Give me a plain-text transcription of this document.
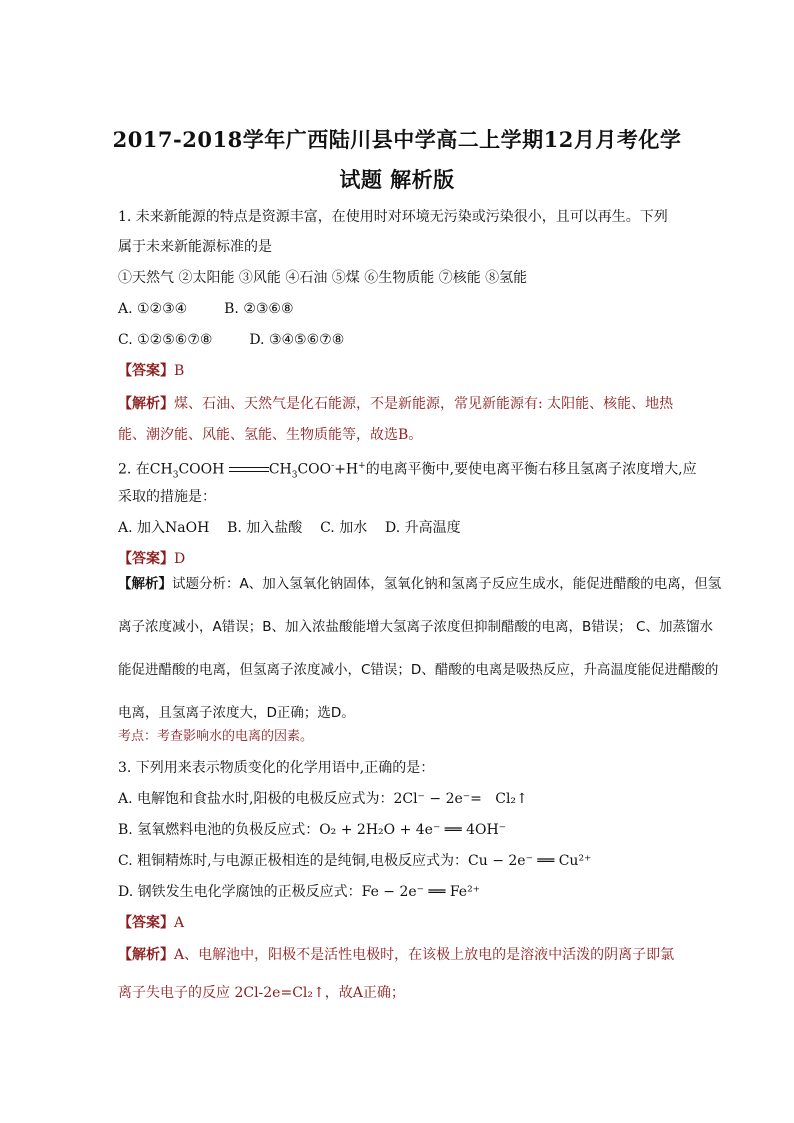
2017-2018学年广西陆川县中学高二上学期12月月考化学
试题 解析版
1. 未来新能源的特点是资源丰富，在使用时对环境无污染或污染很小，且可以再生。下列
属于未来新能源标准的是
①天然气 ②太阳能 ③风能 ④石油 ⑤煤 ⑥生物质能 ⑦核能 ⑧氢能
A. ①②③④	B. ②③⑥⑧
C. ①②⑤⑥⑦⑧	D. ③④⑤⑥⑦⑧
【答案】B
【解析】煤、石油、天然气是化石能源，不是新能源，常见新能源有: 太阳能、核能、地热
能、潮汐能、风能、氢能、生物质能等，故选B。
2. 在$CH_3COOH$	$CH_3COO^-+H^+$的电离平衡中,要使电离平衡右移且氢离子浓度增大,应
采取的措施是：
A. 加入NaOH    B. 加入盐酸    C. 加水    D. 升高温度
【答案】D
【解析】试题分析：A、加入氢氧化钠固体，氢氧化钠和氢离子反应生成水，能促进醋酸的电离，但氢
离子浓度减小，A错误；B、加入浓盐酸能增大氢离子浓度但抑制醋酸的电离，B错误； C、加蒸馏水
能促进醋酸的电离，但氢离子浓度减小，C错误；D、醋酸的电离是吸热反应，升高温度能促进醋酸的
电离，且氢离子浓度大，D正确；选D。
考点：考查影响水的电离的因素。
3. 下列用来表示物质变化的化学用语中,正确的是：
A. 电解饱和食盐水时,阳极的电极反应式为：2Cl⁻ − 2e⁻=   Cl₂↑
B. 氢氧燃料电池的负极反应式：O₂ + 2H₂O + 4e⁻ ══ 4OH⁻
C. 粗铜精炼时,与电源正极相连的是纯铜,电极反应式为：Cu − 2e⁻ ══ Cu²⁺
D. 钢铁发生电化学腐蚀的正极反应式：Fe − 2e⁻ ══ Fe²⁺
【答案】A
【解析】A、电解池中，阳极不是活性电极时，在该极上放电的是溶液中活泼的阴离子即氯
离子失电子的反应 2Cl-2e=Cl₂↑，故A正确；
